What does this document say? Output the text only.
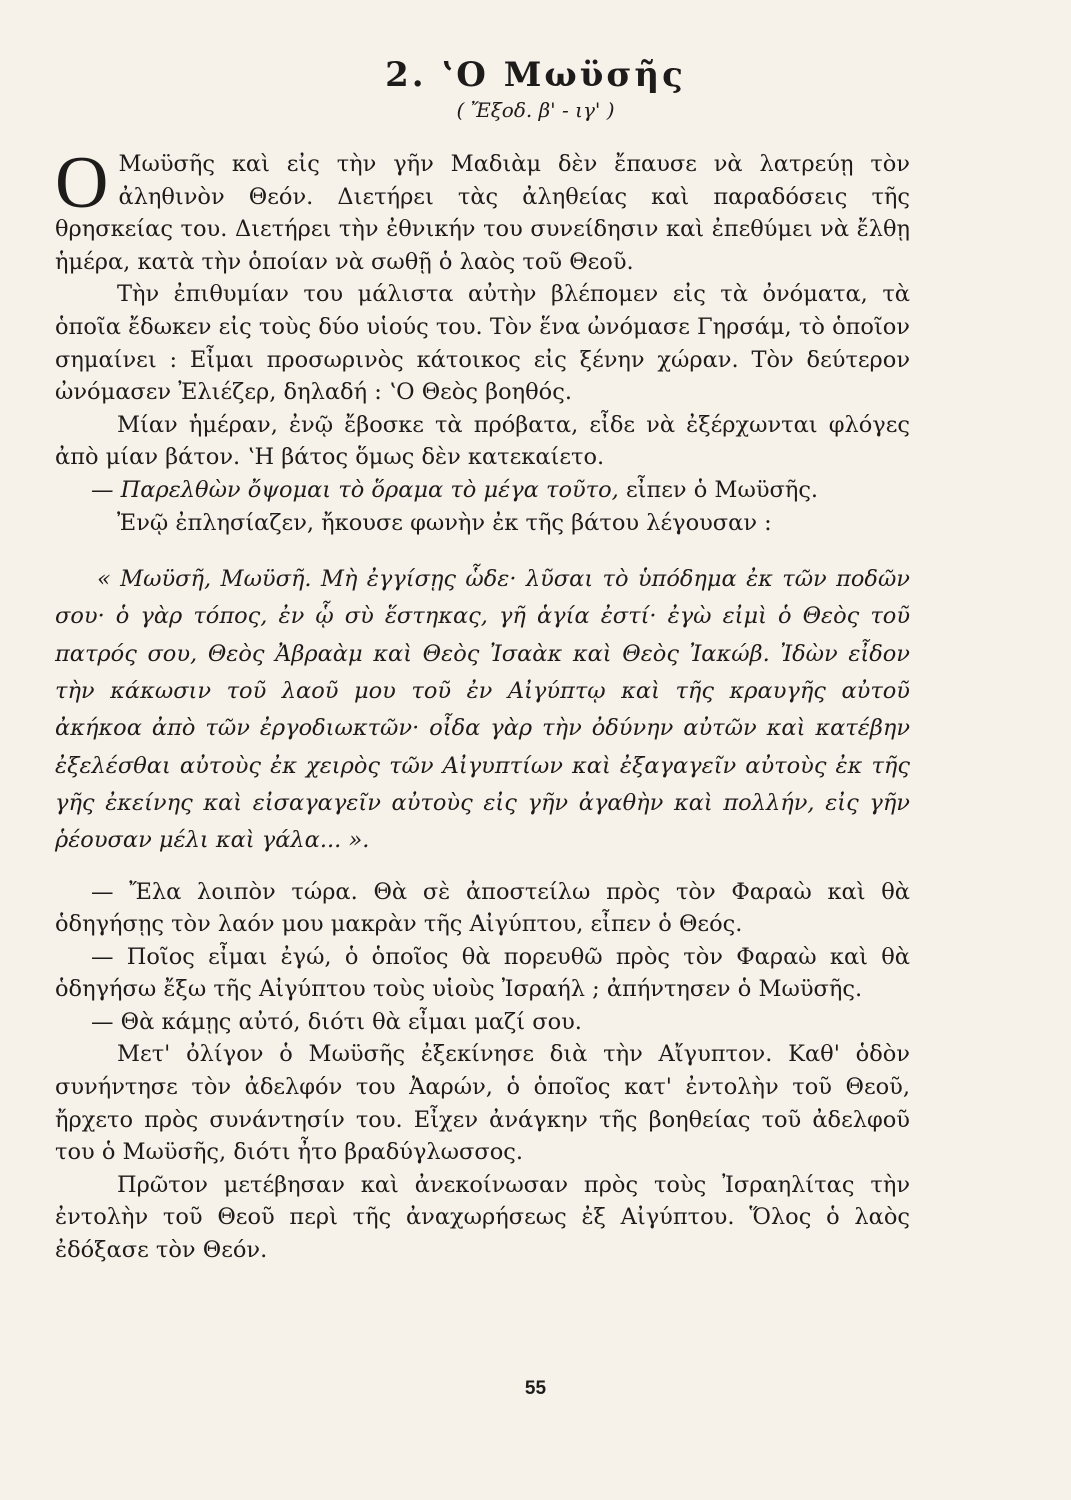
2. ʽΟ Μωϋσῆς
( Ἔξοδ. β' - ιγ' )

Ο Μωϋσῆς καὶ εἰς τὴν γῆν Μαδιὰμ δὲν ἔπαυσε νὰ λατρεύῃ τὸν ἀληθινὸν Θεόν. Διετήρει τὰς ἀληθείας καὶ παραδόσεις τῆς θρησκείας του. Διετήρει τὴν ἐθνικήν του συνείδησιν καὶ ἐπεθύμει νὰ ἔλθῃ ἡμέρα, κατὰ τὴν ὁποίαν νὰ σωθῇ ὁ λαὸς τοῦ Θεοῦ.

Τὴν ἐπιθυμίαν του μάλιστα αὐτὴν βλέπομεν εἰς τὰ ὀνόματα, τὰ ὁποῖα ἔδωκεν εἰς τοὺς δύο υἱούς του. Τὸν ἕνα ὠνόμασε Γηρσάμ, τὸ ὁποῖον σημαίνει : Εἶμαι προσωρινὸς κάτοικος εἰς ξένην χώραν. Τὸν δεύτερον ὠνόμασεν Ἐλιέζερ, δηλαδή : ʽΟ Θεὸς βοηθός.

Μίαν ἡμέραν, ἐνῷ ἔβοσκε τὰ πρόβατα, εἶδε νὰ ἐξέρχωνται φλόγες ἀπὸ μίαν βάτον. ʽΗ βάτος ὅμως δὲν κατεκαίετο.

— Παρελθὼν ὄψομαι τὸ ὅραμα τὸ μέγα τοῦτο, εἶπεν ὁ Μωϋσῆς.

Ἐνῷ ἐπλησίαζεν, ἤκουσε φωνὴν ἐκ τῆς βάτου λέγουσαν :

« Μωϋσῆ, Μωϋσῆ. Μὴ ἐγγίσῃς ὧδε· λῦσαι τὸ ὑπόδημα ἐκ τῶν ποδῶν σου· ὁ γὰρ τόπος, ἐν ᾧ σὺ ἕστηκας, γῆ ἁγία ἐστί· ἐγὼ εἰμὶ ὁ Θεὸς τοῦ πατρός σου, Θεὸς Ἀβραὰμ καὶ Θεὸς Ἰσαὰκ καὶ Θεὸς Ἰακώβ. Ἰδὼν εἶδον τὴν κάκωσιν τοῦ λαοῦ μου τοῦ ἐν Αἰγύπτῳ καὶ τῆς κραυγῆς αὐτοῦ ἀκήκοα ἀπὸ τῶν ἐργοδιωκτῶν· οἶδα γὰρ τὴν ὀδύνην αὐτῶν καὶ κατέβην ἐξελέσθαι αὐτοὺς ἐκ χειρὸς τῶν Αἰγυπτίων καὶ ἐξαγαγεῖν αὐτοὺς ἐκ τῆς γῆς ἐκείνης καὶ εἰσαγαγεῖν αὐτοὺς εἰς γῆν ἀγαθὴν καὶ πολλήν, εἰς γῆν ῥέουσαν μέλι καὶ γάλα... ».

— Ἔλα λοιπὸν τώρα. Θὰ σὲ ἀποστείλω πρὸς τὸν Φαραὼ καὶ θὰ ὁδηγήσῃς τὸν λαόν μου μακρὰν τῆς Αἰγύπτου, εἶπεν ὁ Θεός.

— Ποῖος εἶμαι ἐγώ, ὁ ὁποῖος θὰ πορευθῶ πρὸς τὸν Φαραὼ καὶ θὰ ὁδηγήσω ἔξω τῆς Αἰγύπτου τοὺς υἱοὺς Ἰσραήλ ; ἀπήντησεν ὁ Μωϋσῆς.

— Θὰ κάμῃς αὐτό, διότι θὰ εἶμαι μαζί σου.

Μετ' ὀλίγον ὁ Μωϋσῆς ἐξεκίνησε διὰ τὴν Αἴγυπτον. Καθ' ὁδὸν συνήντησε τὸν ἀδελφόν του Ἀαρών, ὁ ὁποῖος κατ' ἐντολὴν τοῦ Θεοῦ, ἤρχετο πρὸς συνάντησίν του. Εἶχεν ἀνάγκην τῆς βοηθείας τοῦ ἀδελφοῦ του ὁ Μωϋσῆς, διότι ἦτο βραδύγλωσσος.

Πρῶτον μετέβησαν καὶ ἀνεκοίνωσαν πρὸς τοὺς Ἰσραηλίτας τὴν ἐντολὴν τοῦ Θεοῦ περὶ τῆς ἀναχωρήσεως ἐξ Αἰγύπτου. Ὅλος ὁ λαὸς ἐδόξασε τὸν Θεόν.

55
